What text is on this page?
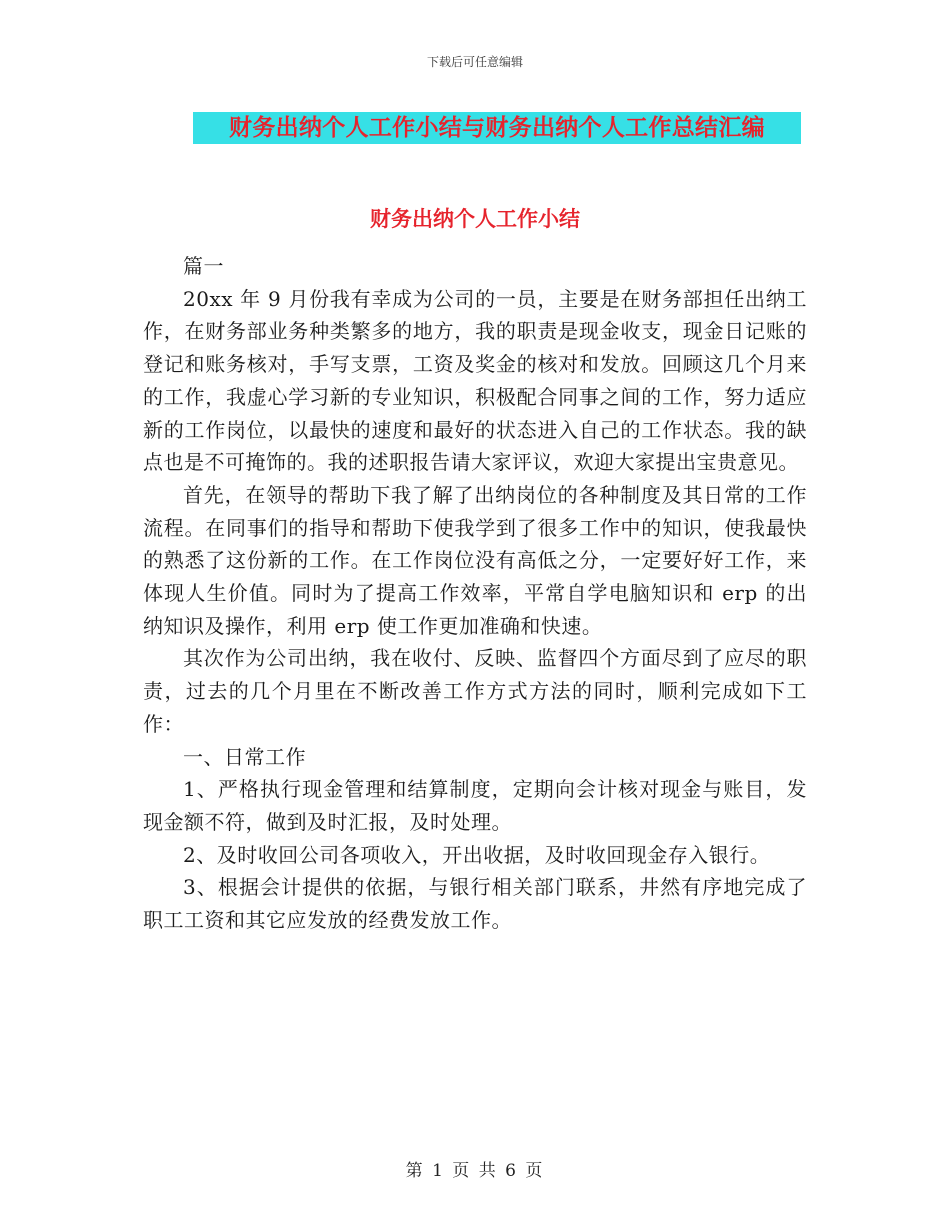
下载后可任意编辑
财务出纳个人工作小结与财务出纳个人工作总结汇编
财务出纳个人工作小结

篇一

20xx 年 9 月份我有幸成为公司的一员，主要是在财务部担任出纳工作，在财务部业务种类繁多的地方，我的职责是现金收支，现金日记账的登记和账务核对，手写支票，工资及奖金的核对和发放。回顾这几个月来的工作，我虚心学习新的专业知识，积极配合同事之间的工作，努力适应新的工作岗位，以最快的速度和最好的状态进入自己的工作状态。我的缺点也是不可掩饰的。我的述职报告请大家评议，欢迎大家提出宝贵意见。

首先，在领导的帮助下我了解了出纳岗位的各种制度及其日常的工作流程。在同事们的指导和帮助下使我学到了很多工作中的知识，使我最快的熟悉了这份新的工作。在工作岗位没有高低之分，一定要好好工作，来体现人生价值。同时为了提高工作效率，平常自学电脑知识和 erp 的出纳知识及操作，利用 erp 使工作更加准确和快速。

其次作为公司出纳，我在收付、反映、监督四个方面尽到了应尽的职责，过去的几个月里在不断改善工作方式方法的同时，顺利完成如下工作：

一、日常工作

1、严格执行现金管理和结算制度，定期向会计核对现金与账目，发现金额不符，做到及时汇报，及时处理。

2、及时收回公司各项收入，开出收据，及时收回现金存入银行。

3、根据会计提供的依据，与银行相关部门联系，井然有序地完成了职工工资和其它应发放的经费发放工作。

第 1 页 共 6 页
